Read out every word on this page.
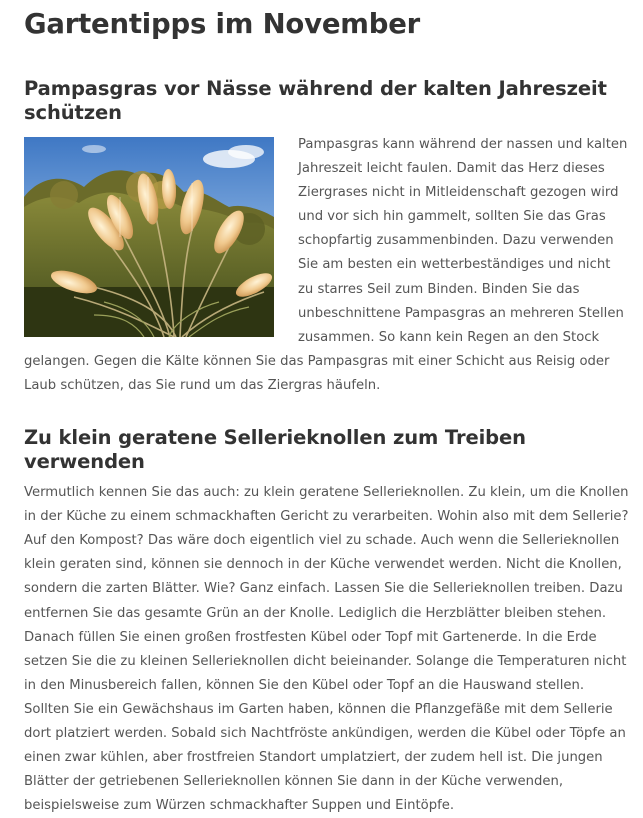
Gartentipps im November
Pampasgras vor Nässe während der kalten Jahreszeit schützen

Pampasgras kann während der nassen und kalten Jahreszeit leicht faulen. Damit das Herz dieses Ziergrases nicht in Mitleidenschaft gezogen wird und vor sich hin gammelt, sollten Sie das Gras schopfartig zusammenbinden. Dazu verwenden Sie am besten ein wetterbeständiges und nicht zu starres Seil zum Binden. Binden Sie das unbeschnittene Pampasgras an mehreren Stellen zusammen. So kann kein Regen an den Stock gelangen. Gegen die Kälte können Sie das Pampasgras mit einer Schicht aus Reisig oder Laub schützen, das Sie rund um das Ziergras häufeln.

Zu klein geratene Sellerieknollen zum Treiben verwenden

Vermutlich kennen Sie das auch: zu klein geratene Sellerieknollen. Zu klein, um die Knollen in der Küche zu einem schmackhaften Gericht zu verarbeiten. Wohin also mit dem Sellerie? Auf den Kompost? Das wäre doch eigentlich viel zu schade. Auch wenn die Sellerieknollen klein geraten sind, können sie dennoch in der Küche verwendet werden. Nicht die Knollen, sondern die zarten Blätter. Wie? Ganz einfach. Lassen Sie die Sellerieknollen treiben. Dazu entfernen Sie das gesamte Grün an der Knolle. Lediglich die Herzblätter bleiben stehen. Danach füllen Sie einen großen frostfesten Kübel oder Topf mit Gartenerde. In die Erde setzen Sie die zu kleinen Sellerieknollen dicht beieinander. Solange die Temperaturen nicht in den Minusbereich fallen, können Sie den Kübel oder Topf an die Hauswand stellen. Sollten Sie ein Gewächshaus im Garten haben, können die Pflanzgefäße mit dem Sellerie dort platziert werden. Sobald sich Nachtfröste ankündigen, werden die Kübel oder Töpfe an einen zwar kühlen, aber frostfreien Standort umplatziert, der zudem hell ist. Die jungen Blätter der getriebenen Sellerieknollen können Sie dann in der Küche verwenden, beispielsweise zum Würzen schmackhafter Suppen und Eintöpfe.
